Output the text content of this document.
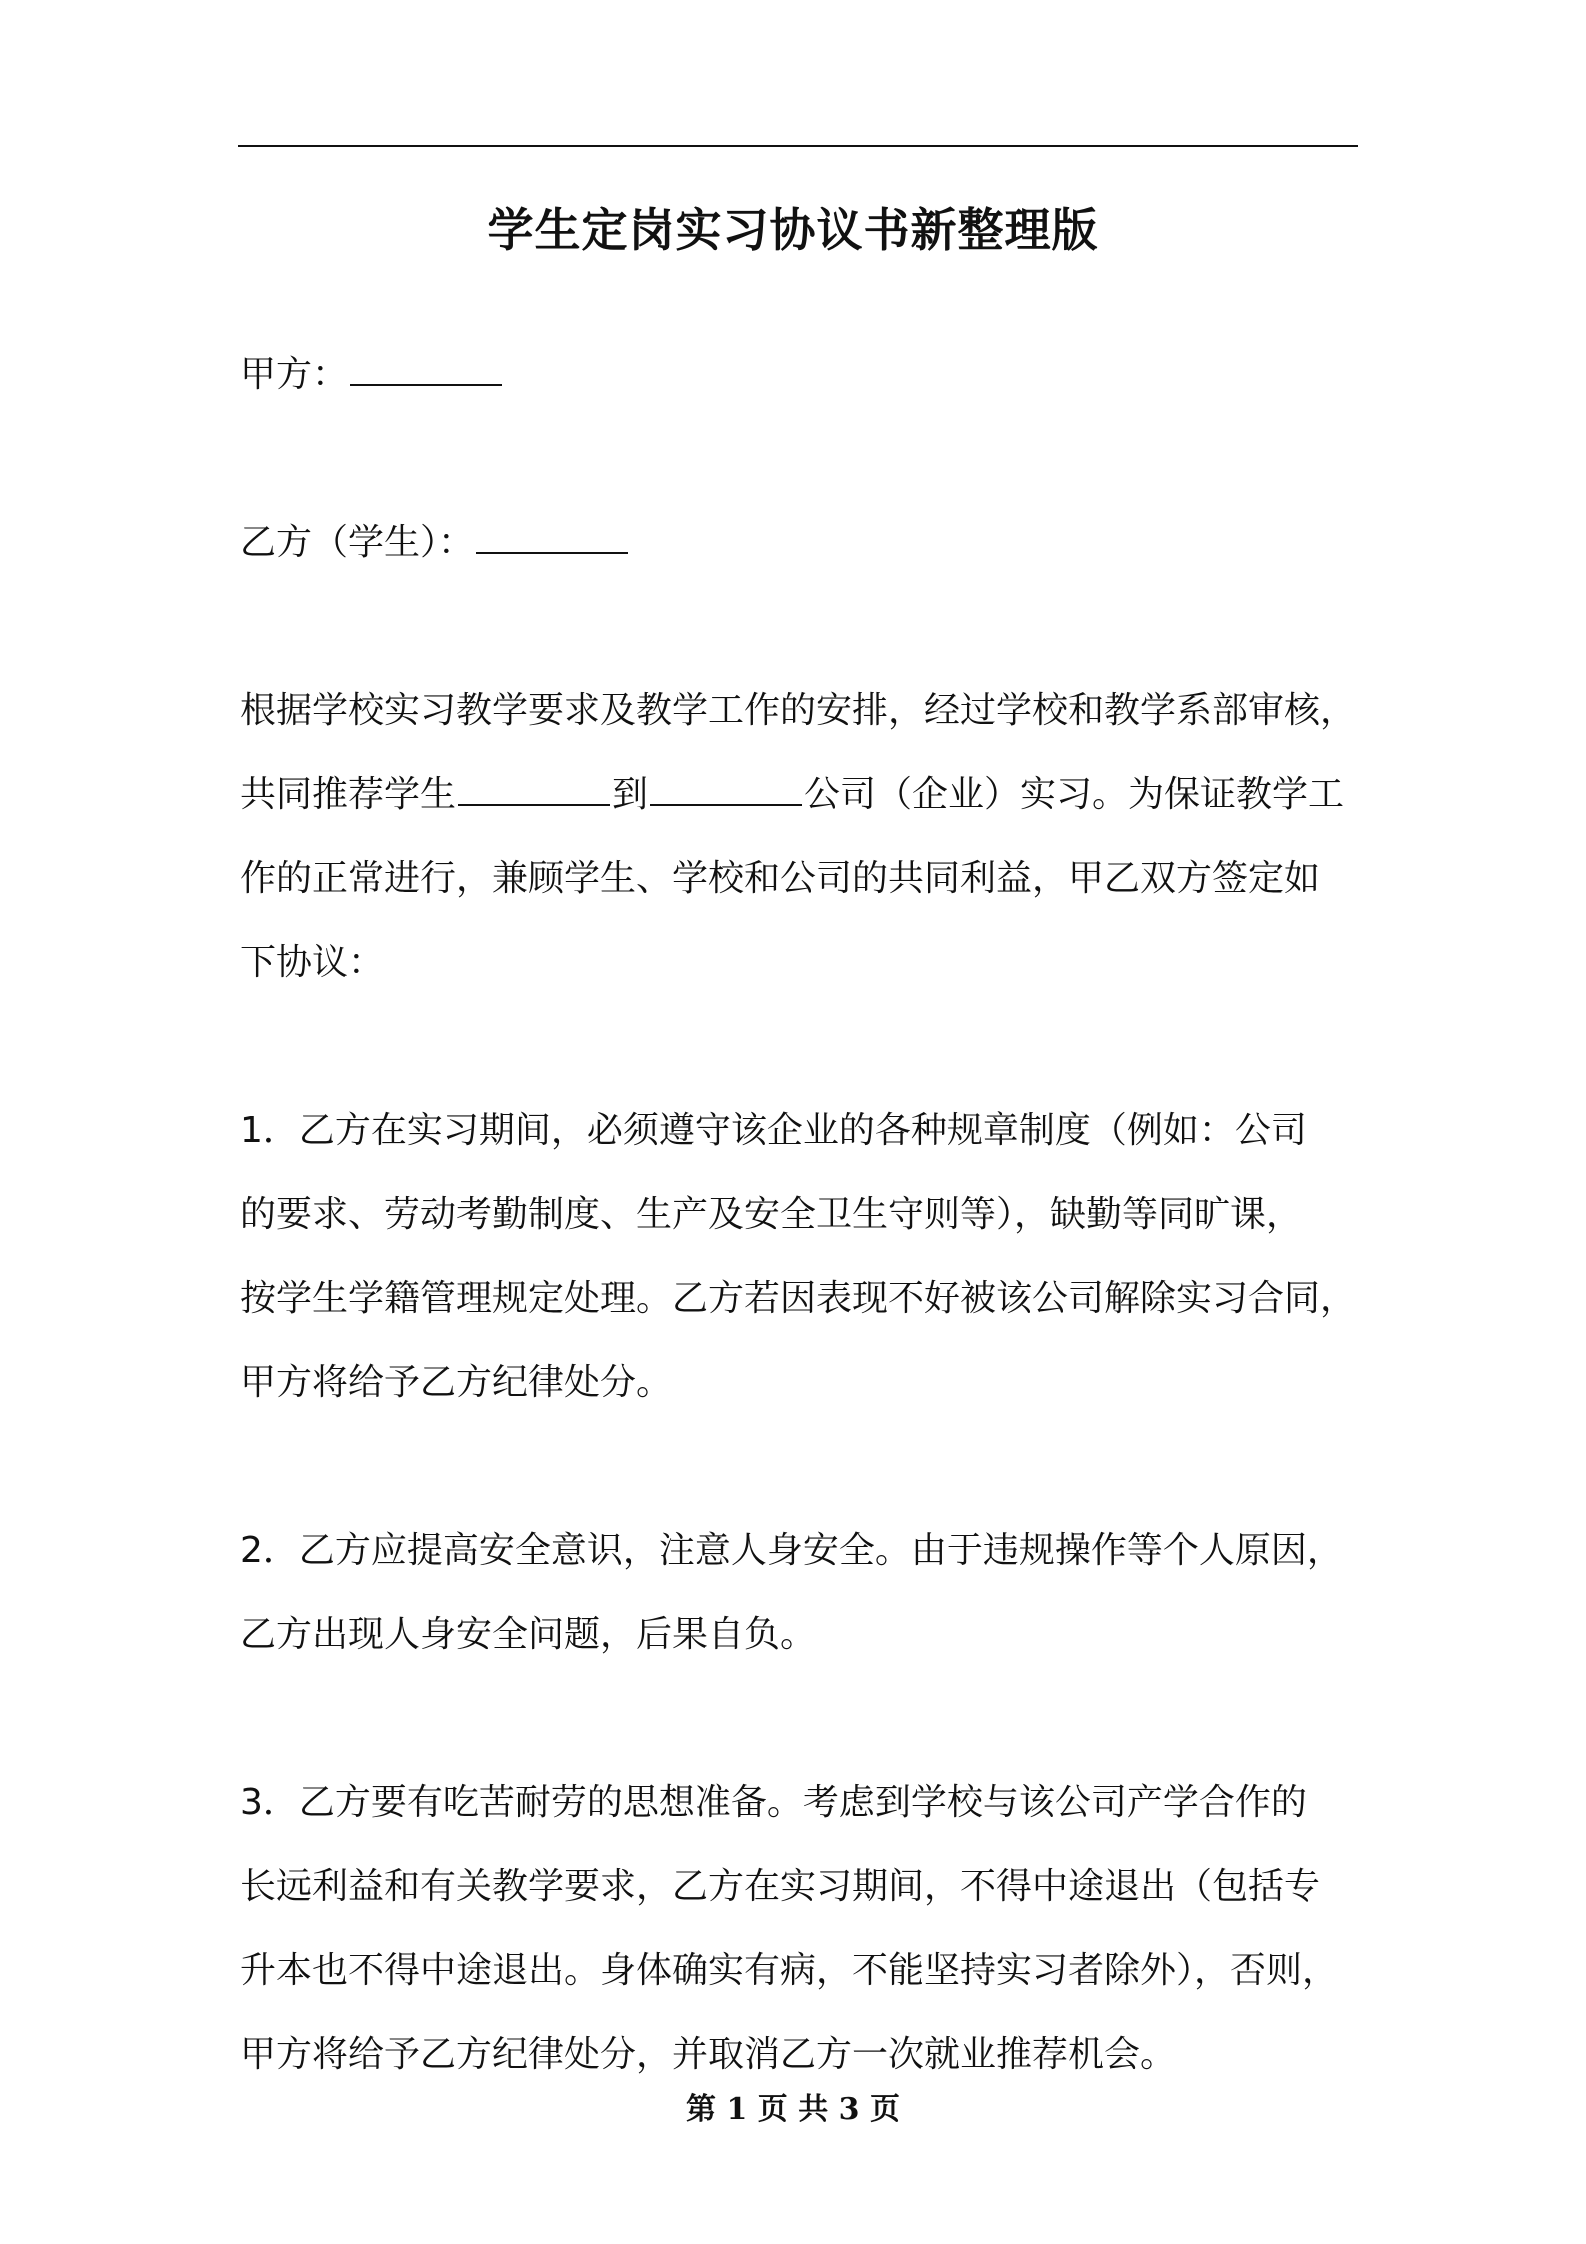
学生定岗实习协议书新整理版

甲方：

乙方（学生）：

根据学校实习教学要求及教学工作的安排，经过学校和教学系部审核，
共同推荐学生	到	公司（企业）实习。为保证教学工
作的正常进行，兼顾学生、学校和公司的共同利益，甲乙双方签定如
下协议：

1．乙方在实习期间，必须遵守该企业的各种规章制度（例如：公司
的要求、劳动考勤制度、生产及安全卫生守则等），缺勤等同旷课，
按学生学籍管理规定处理。乙方若因表现不好被该公司解除实习合同，
甲方将给予乙方纪律处分。

2．乙方应提高安全意识，注意人身安全。由于违规操作等个人原因，
乙方出现人身安全问题，后果自负。

3．乙方要有吃苦耐劳的思想准备。考虑到学校与该公司产学合作的
长远利益和有关教学要求，乙方在实习期间，不得中途退出（包括专
升本也不得中途退出。身体确实有病，不能坚持实习者除外），否则，
甲方将给予乙方纪律处分，并取消乙方一次就业推荐机会。

第 1 页 共 3 页
